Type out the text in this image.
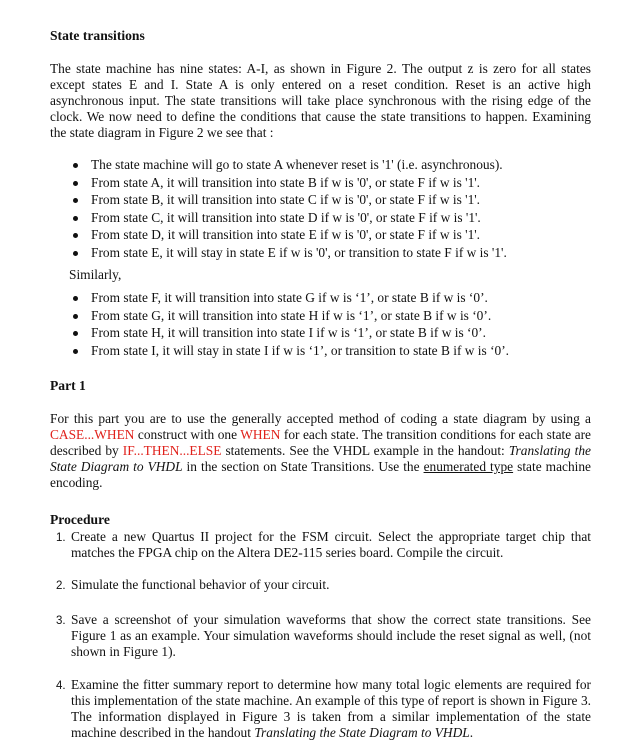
State transitions

The state machine has nine states: A-I, as shown in Figure 2. The output z is zero for all states except states E and I. State A is only entered on a reset condition. Reset is an active high asynchronous input. The state transitions will take place synchronous with the rising edge of the clock. We now need to define the conditions that cause the state transitions to happen. Examining the state diagram in Figure 2 we see that :

The state machine will go to state A whenever reset is '1' (i.e. asynchronous).
From state A, it will transition into state B if w is '0', or state F if w is '1'.
From state B, it will transition into state C if w is '0', or state F if w is '1'.
From state C, it will transition into state D if w is '0', or state F if w is '1'.
From state D, it will transition into state E if w is '0', or state F if w is '1'.
From state E, it will stay in state E if w is '0', or transition to state F if w is '1'.

Similarly,

From state F, it will transition into state G if w is ‘1’, or state B if w is ‘0’.
From state G, it will transition into state H if w is ‘1’, or state B if w is ‘0’.
From state H, it will transition into state I if w is ‘1’, or state B if w is ‘0’.
From state I, it will stay in state I if w is ‘1’, or transition to state B if w is ‘0’.
Part 1

For this part you are to use the generally accepted method of coding a state diagram by using a CASE...WHEN construct with one WHEN for each state. The transition conditions for each state are described by IF...THEN...ELSE statements. See the VHDL example in the handout: Translating the State Diagram to VHDL in the section on State Transitions. Use the enumerated type state machine encoding.

Procedure
1. Create a new Quartus II project for the FSM circuit. Select the appropriate target chip that matches the FPGA chip on the Altera DE2-115 series board. Compile the circuit.
2. Simulate the functional behavior of your circuit.
3. Save a screenshot of your simulation waveforms that show the correct state transitions. See Figure 1 as an example. Your simulation waveforms should include the reset signal as well, (not shown in Figure 1).
4. Examine the fitter summary report to determine how many total logic elements are required for this implementation of the state machine. An example of this type of report is shown in Figure 3. The information displayed in Figure 3 is taken from a similar implementation of the state machine described in the handout Translating the State Diagram to VHDL.
